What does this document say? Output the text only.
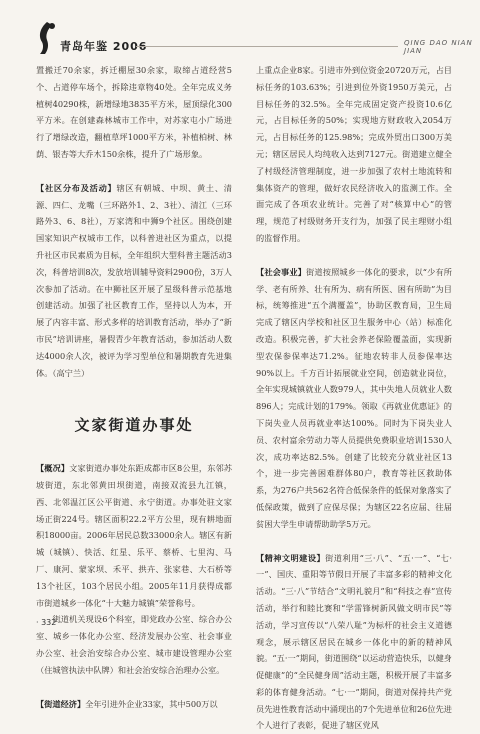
青岛年鉴 2006	QING DAO NIAN JIAN

置搬迁70余家，拆迁棚屋30余家，取缔占道经营5个、占道停车场个，拆除违章物40处。全年完成义务植树40290株，新增绿地3835平方米，屋顶绿化300平方米。在创建森林城市工作中，对苏家屯小广场进行了增绿改造，翻植草坪1000平方米，补植柏树、林荫、银杏等大乔木150余株，提升了广场形象。

【社区分布及活动】辖区有朝城、中坝、黄土、清源、四仁、龙嘴（三环路外1、2、3社）、清江（三环路外3、6、8社），万家湾和中狮9个社区。围绕创建国家知识产权城市工作，以科普进社区为重点，以提升社区市民素质为目标，全年组织大型科普主题活动3次，科普培训8次，发放培训辅导资料2900份，3万人次参加了活动。在中狮社区开展了星级科普示范基地创建活动。加强了社区教育工作，坚持以人为本，开展了内容丰富、形式多样的培训教育活动，举办了“新市民”培训讲座，暑假青少年教育活动，参加活动人数达4000余人次，被评为学习型单位和暑期教育先进集体。（高宁兰）

文家街道办事处

【概况】文家街道办事处东距成都市区8公里，东邻苏坡街道，东北邻黄田坝街道，南接双流县九江镇，西、北邻温江区公平街道、永宁街道。办事处驻文家场正街224号。辖区面积22.2平方公里，现有耕地面积18000亩。2006年居民总数33000余人。辖区有新城（城镇）、快活、红星、乐平、蔡桥、七里沟、马厂、康河、蒙家坝、禾平、拱卉、张家巷、大石桥等13个社区，103个居民小组。2005年11月获得成都市街道城乡一体化“十大魅力城镇”荣誉称号。

街道机关现设6个科室，即党政办公室、综合办公室、城乡一体化办公室、经济发展办公室、社会事业办公室、社会治安综合办公室、城市建设管理办公室（住城管执法中队牌）和社会治安综合治理办公室。

【街道经济】全年引进外企业33家，其中500万以

上重点企业8家。引进市外到位资金20720万元，占目标任务的103.63%；引进到位外资1950万美元，占目标任务的32.5%。全年完成固定资产投资10.6亿元，占目标任务的50%；实现地方财政收入2054万元，占目标任务的125.98%；完成外贸出口300万美元；辖区居民人均纯收入达到7127元。街道建立健全了村级经济管理制度，进一步加强了农村土地流转和集体资产的管理，做好农民经济收入的监测工作。全面完成了各项农业统计。完善了对“核算中心”的管理，规范了村级财务开支行为，加强了民主理财小组的监督作用。

【社会事业】街道按照城乡一体化的要求，以“少有所学、老有所养、壮有所为、病有所医、困有所助”为目标，统筹推进“五个满覆盖”，协助区教育局，卫生局完成了辖区内学校和社区卫生服务中心（站）标准化改造。积极完善，扩大社会养老保险覆盖面，实现新型农保参保率达71.2%。征地农转非人员参保率达90%以上。千方百计拓展就业空间，创造就业岗位，全年实现城镇就业人数979人，其中失地人员就业人数896人；完成计划的179%。领取《再就业优惠证》的下岗失业人员再就业率达100%。同时为下岗失业人员、农村富余劳动力等人员提供免费职业培训1530人次，成功率达82.5%。创建了比较充分就业社区13个，进一步完善困难群体80户，教育等社区救助体系，为276户共562名符合低保条件的低保对象落实了低保政策，做到了应保尽保；为辖区22名应届、往届贫困大学生申请帮助助学5万元。

【精神文明建设】街道利用“三·八”、“五·一”、“七·一”、国庆、重阳等节假日开展了丰富多彩的精神文化活动。“三·八”节结合“文明礼貌月”和“科技之春”宣传活动，举行和睦比赛和“学雷锋树新风做文明市民”等活动，学习宣传以“八荣八耻”为标杆的社会主义道德观念，展示辖区居民在城乡一体化中的新的精神风貌。“五·一”期间，街道围绕“以运动营造快乐，以健身促健康”的“全民健身周”活动主题，积极开展了丰富多彩的体育健身活动。“七·一”期间，街道对保持共产党员先进性教育活动中涌现出的7个先进单位和26位先进个人进行了表彰，促进了辖区党风

· 332 ·
